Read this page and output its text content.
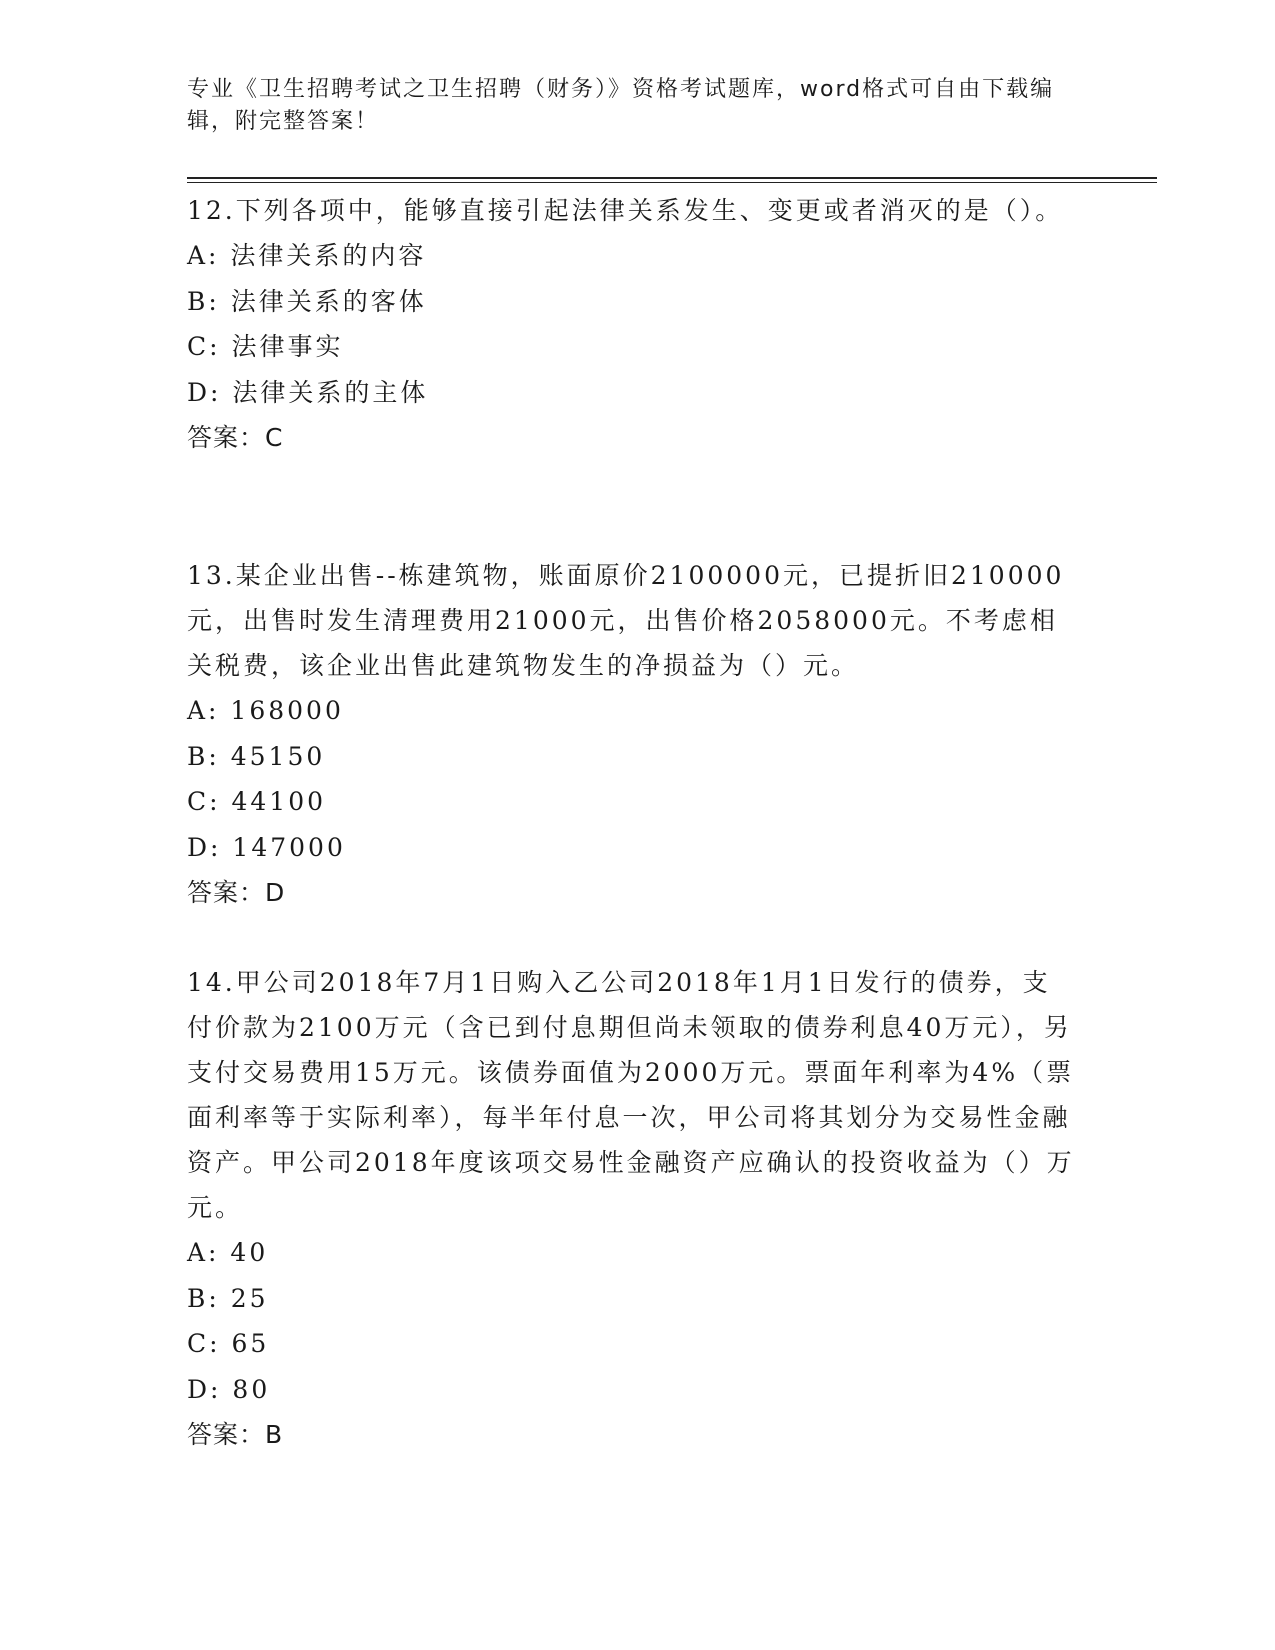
专业《卫生招聘考试之卫生招聘（财务）》资格考试题库，word格式可自由下载编辑，附完整答案！
12.下列各项中，能够直接引起法律关系发生、变更或者消灭的是（）。
A: 法律关系的内容
B: 法律关系的客体
C: 法律事实
D: 法律关系的主体
答案：C
13.某企业出售--栋建筑物，账面原价2100000元，已提折旧210000元，出售时发生清理费用21000元，出售价格2058000元。不考虑相关税费，该企业出售此建筑物发生的净损益为（）元。
A: 168000
B: 45150
C: 44100
D: 147000
答案：D
14.甲公司2018年7月1日购入乙公司2018年1月1日发行的债券，支付价款为2100万元（含已到付息期但尚未领取的债券利息40万元），另支付交易费用15万元。该债券面值为2000万元。票面年利率为4%（票面利率等于实际利率），每半年付息一次，甲公司将其划分为交易性金融资产。甲公司2018年度该项交易性金融资产应确认的投资收益为（）万元。
A: 40
B: 25
C: 65
D: 80
答案：B
